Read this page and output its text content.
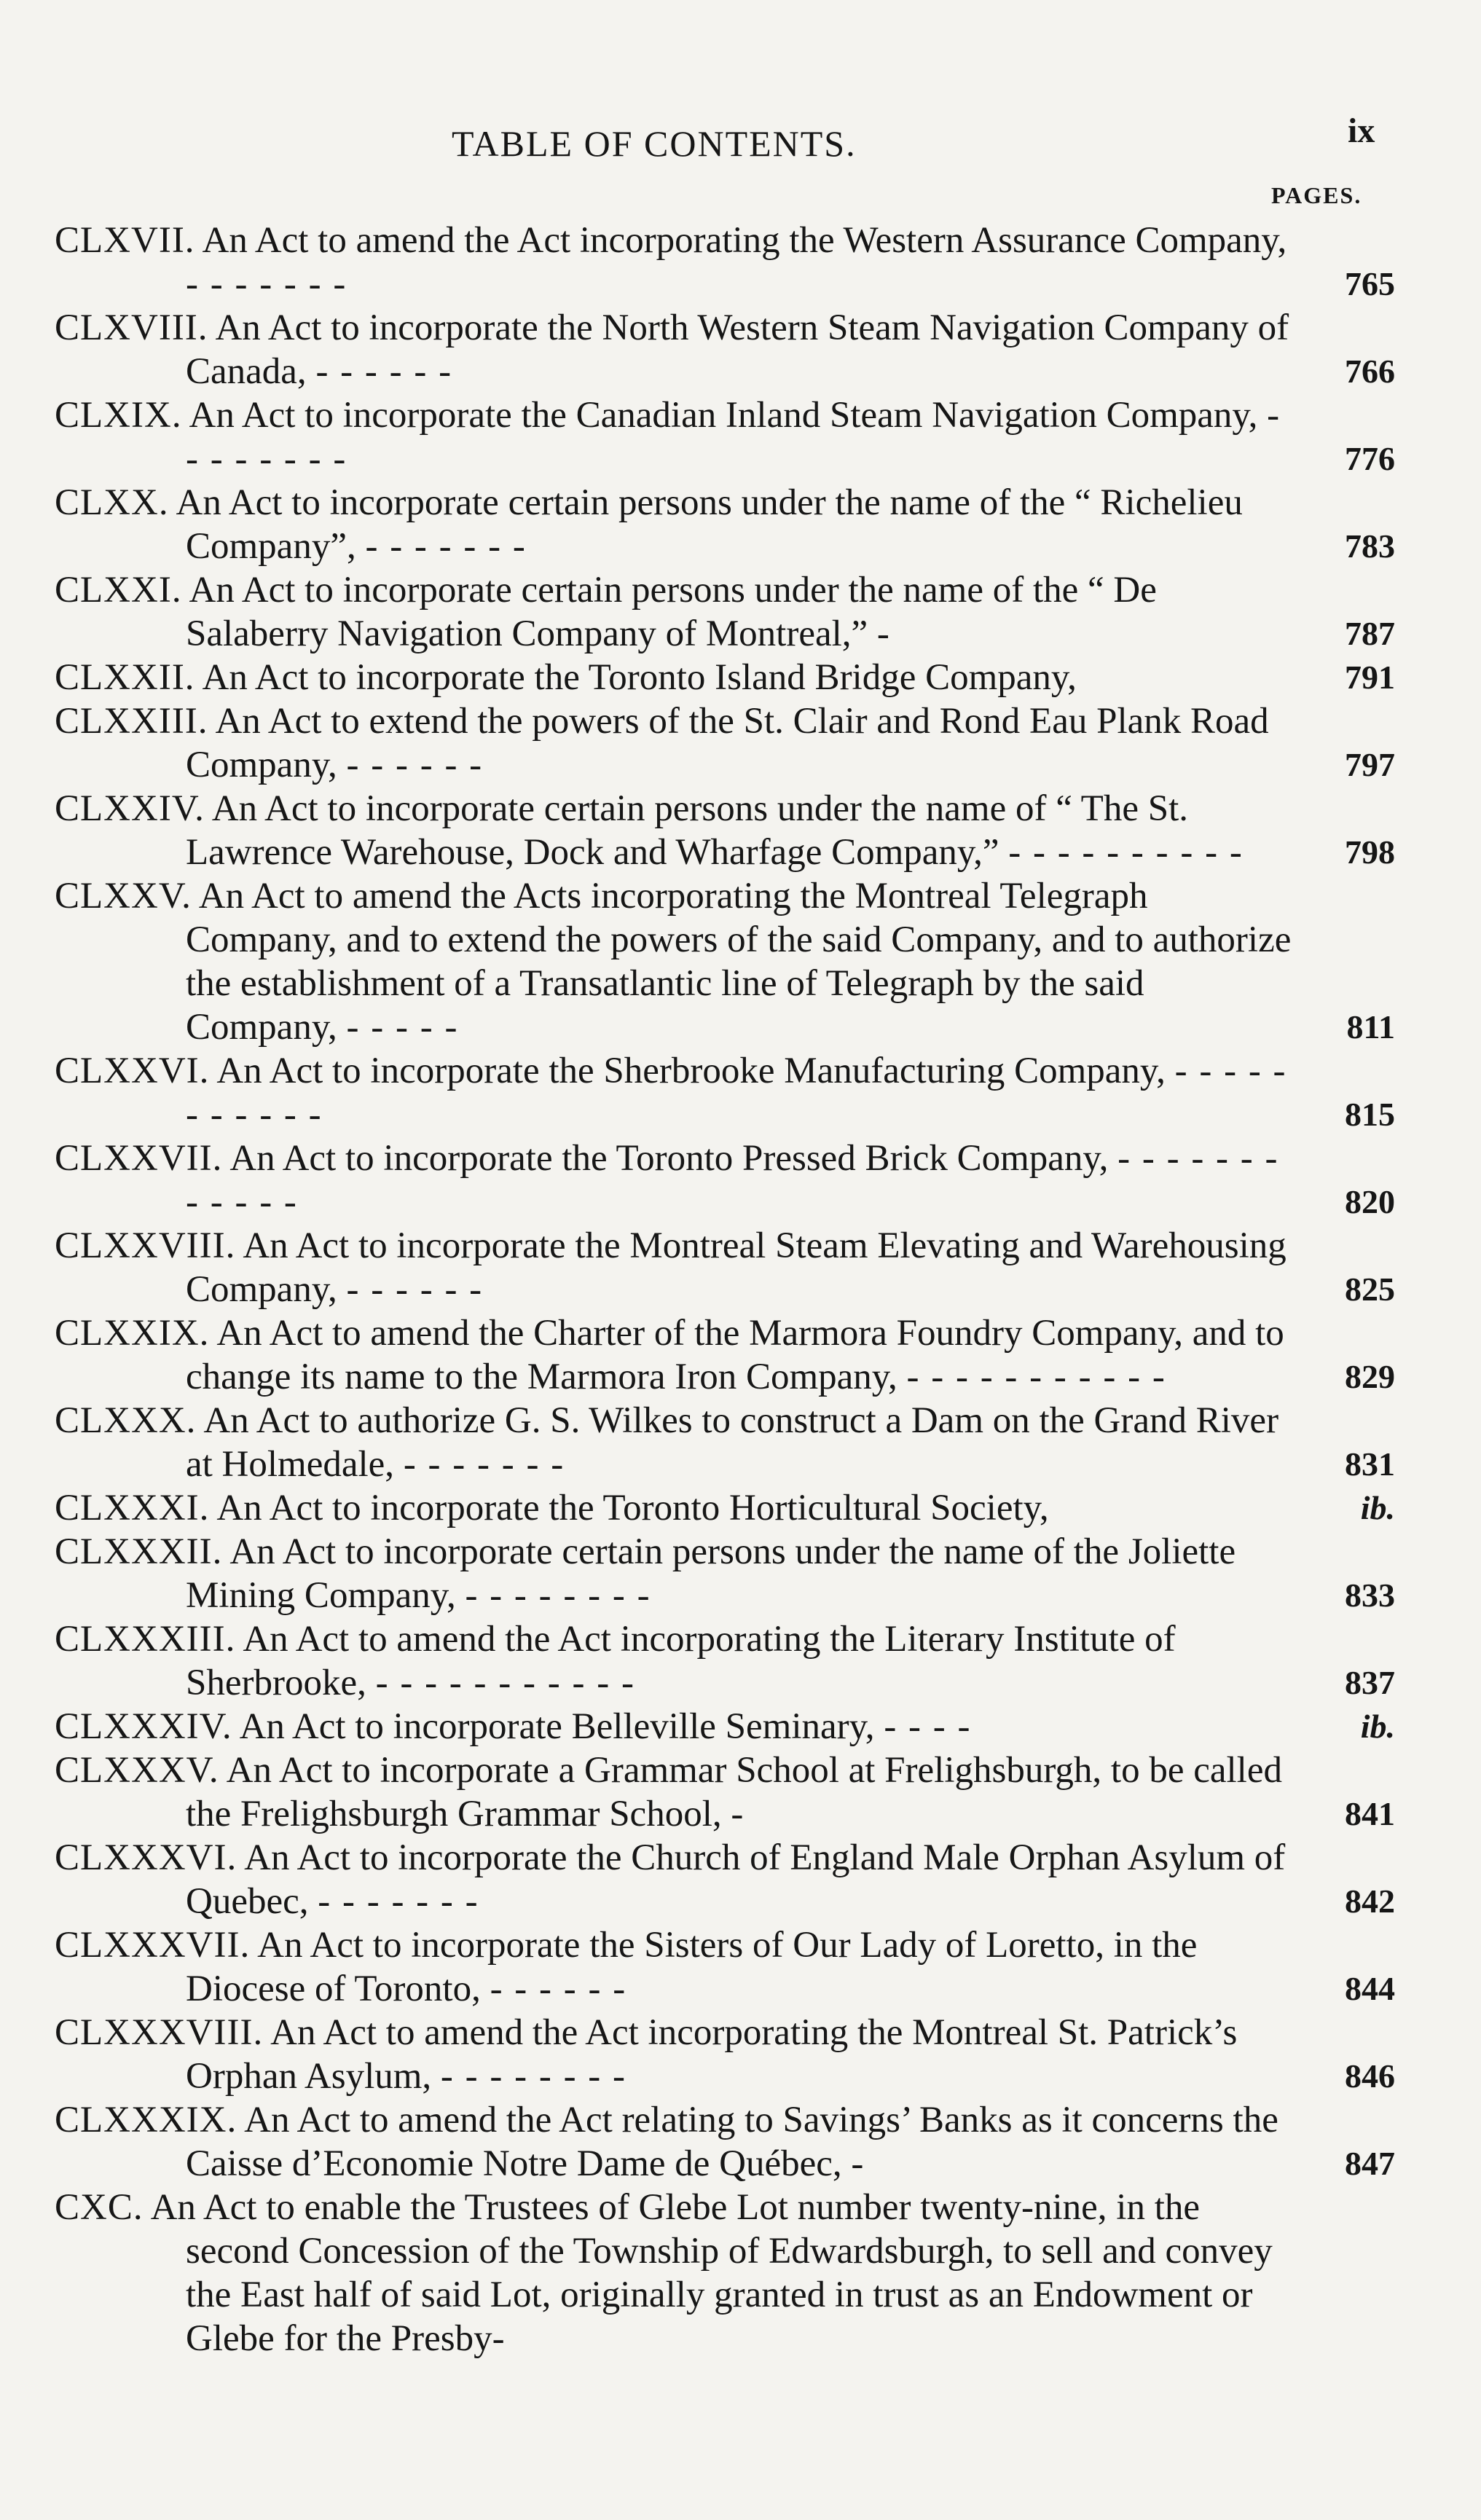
TABLE OF CONTENTS.	ix
PAGES.
CLXVII. An Act to amend the Act incorporating the Western Assurance Company, - - - - - - -	765
CLXVIII. An Act to incorporate the North Western Steam Navigation Company of Canada, - - - - - -	766
CLXIX. An Act to incorporate the Canadian Inland Steam Navigation Company, - - - - - - - -	776
CLXX. An Act to incorporate certain persons under the name of the “ Richelieu Company”, - - - - - - -	783
CLXXI. An Act to incorporate certain persons under the name of the “ De Salaberry Navigation Company of Montreal,” -	787
CLXXII. An Act to incorporate the Toronto Island Bridge Company,	791
CLXXIII. An Act to extend the powers of the St. Clair and Rond Eau Plank Road Company, - - - - - -	797
CLXXIV. An Act to incorporate certain persons under the name of “ The St. Lawrence Warehouse, Dock and Wharfage Company,” - - - - - - - - - -	798
CLXXV. An Act to amend the Acts incorporating the Montreal Telegraph Company, and to extend the powers of the said Company, and to authorize the establishment of a Transatlantic line of Telegraph by the said Company, - - - - -	811
CLXXVI. An Act to incorporate the Sherbrooke Manufacturing Company, - - - - - - - - - - -	815
CLXXVII. An Act to incorporate the Toronto Pressed Brick Company, - - - - - - - - - - - -	820
CLXXVIII. An Act to incorporate the Montreal Steam Elevating and Warehousing Company, - - - - - -	825
CLXXIX. An Act to amend the Charter of the Marmora Foundry Company, and to change its name to the Marmora Iron Company, - - - - - - - - - - -	829
CLXXX. An Act to authorize G. S. Wilkes to construct a Dam on the Grand River at Holmedale, - - - - - - -	831
CLXXXI. An Act to incorporate the Toronto Horticultural Society,	ib.
CLXXXII. An Act to incorporate certain persons under the name of the Joliette Mining Company, - - - - - - - -	833
CLXXXIII. An Act to amend the Act incorporating the Literary Institute of Sherbrooke, - - - - - - - - - - -	837
CLXXXIV. An Act to incorporate Belleville Seminary, - - - -	ib.
CLXXXV. An Act to incorporate a Grammar School at Frelighsburgh, to be called the Frelighsburgh Grammar School, -	841
CLXXXVI. An Act to incorporate the Church of England Male Orphan Asylum of Quebec, - - - - - - -	842
CLXXXVII. An Act to incorporate the Sisters of Our Lady of Loretto, in the Diocese of Toronto, - - - - - -	844
CLXXXVIII. An Act to amend the Act incorporating the Montreal St. Patrick’s Orphan Asylum, - - - - - - - -	846
CLXXXIX. An Act to amend the Act relating to Savings’ Banks as it concerns the Caisse d’Economie Notre Dame de Québec, -	847
CXC. An Act to enable the Trustees of Glebe Lot number twenty-nine, in the second Concession of the Township of Edwardsburgh, to sell and convey the East half of said Lot, originally granted in trust as an Endowment or Glebe for the Presby-
